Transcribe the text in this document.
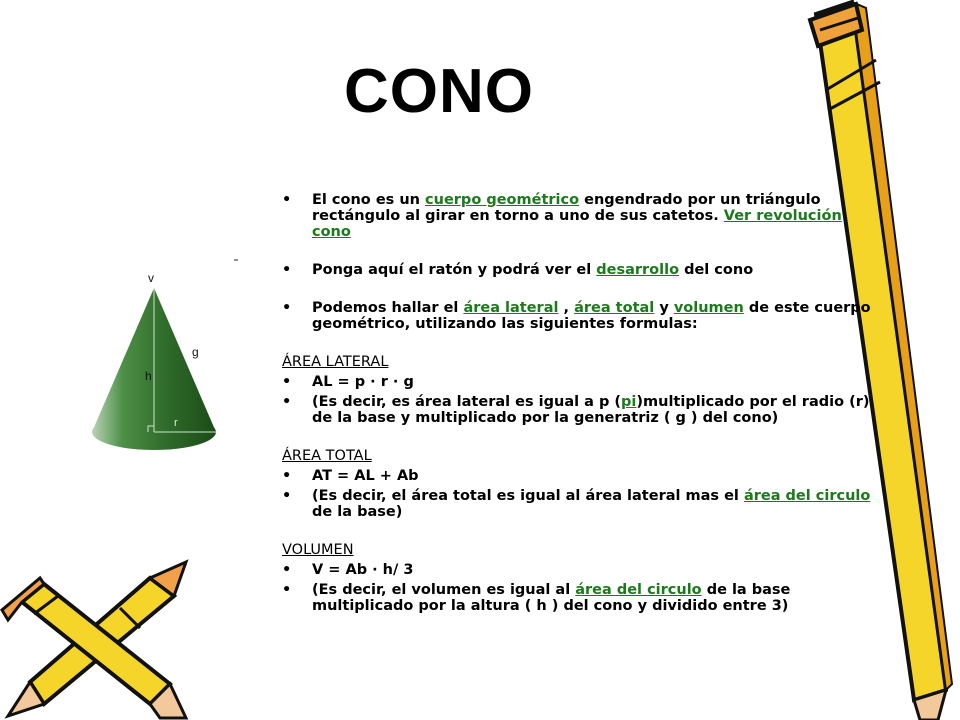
CONO
v
h
g
r
•	El cono es un cuerpo geométrico engendrado por un triángulo rectángulo al girar en torno a uno de sus catetos. Ver revolución cono
•	Ponga aquí el ratón y podrá ver el desarrollo del cono
•	Podemos hallar el área lateral , área total y volumen de este cuerpo geométrico, utilizando las siguientes formulas:
ÁREA LATERAL
•	AL = p · r · g
•	(Es decir, es área lateral es igual a p (pi)multiplicado por el radio (r) de la base y multiplicado por la generatriz ( g ) del cono)
ÁREA TOTAL
•	AT = AL + Ab
•	(Es decir, el área total es igual al área lateral mas el área del circulo de la base)
VOLUMEN
•	V = Ab · h/ 3
•	(Es decir, el volumen es igual al área del circulo de la base multiplicado por la altura ( h ) del cono y dividido entre 3)
